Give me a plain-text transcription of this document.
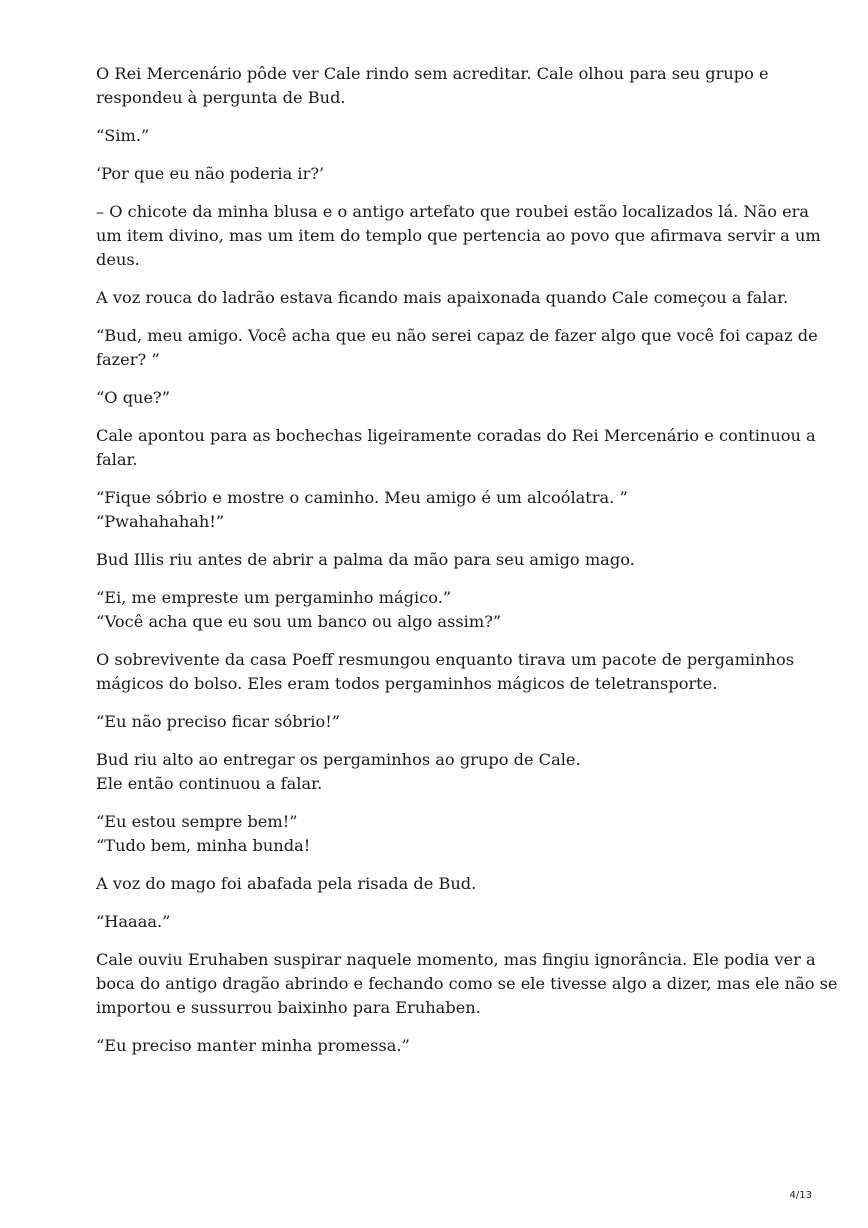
O Rei Mercenário pôde ver Cale rindo sem acreditar. Cale olhou para seu grupo e
respondeu à pergunta de Bud.

“Sim.”

‘Por que eu não poderia ir?’

– O chicote da minha blusa e o antigo artefato que roubei estão localizados lá. Não era
um item divino, mas um item do templo que pertencia ao povo que afirmava servir a um
deus.

A voz rouca do ladrão estava ficando mais apaixonada quando Cale começou a falar.

“Bud, meu amigo. Você acha que eu não serei capaz de fazer algo que você foi capaz de
fazer? ”

“O que?”

Cale apontou para as bochechas ligeiramente coradas do Rei Mercenário e continuou a
falar.

“Fique sóbrio e mostre o caminho. Meu amigo é um alcoólatra. ”
“Pwahahahah!”

Bud Illis riu antes de abrir a palma da mão para seu amigo mago.

“Ei, me empreste um pergaminho mágico.”
“Você acha que eu sou um banco ou algo assim?”

O sobrevivente da casa Poeff resmungou enquanto tirava um pacote de pergaminhos
mágicos do bolso. Eles eram todos pergaminhos mágicos de teletransporte.

“Eu não preciso ficar sóbrio!”

Bud riu alto ao entregar os pergaminhos ao grupo de Cale.
Ele então continuou a falar.

“Eu estou sempre bem!”
“Tudo bem, minha bunda!

A voz do mago foi abafada pela risada de Bud.

“Haaaa.”

Cale ouviu Eruhaben suspirar naquele momento, mas fingiu ignorância. Ele podia ver a
boca do antigo dragão abrindo e fechando como se ele tivesse algo a dizer, mas ele não se
importou e sussurrou baixinho para Eruhaben.

“Eu preciso manter minha promessa.”

4/13
